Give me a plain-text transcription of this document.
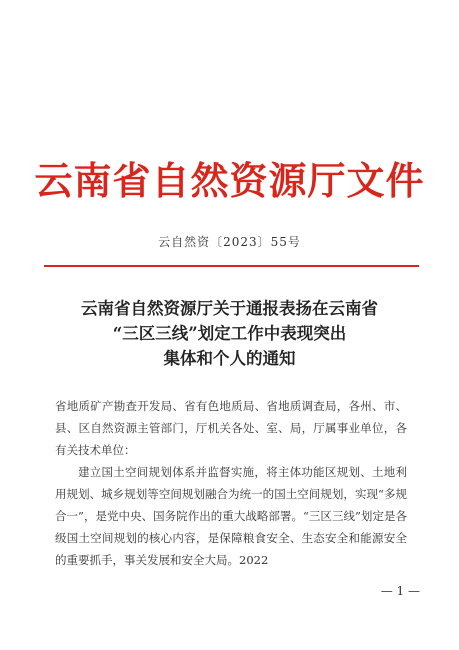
云南省自然资源厅文件
云自然资〔2023〕55号
云南省自然资源厅关于通报表扬在云南省
“三区三线”划定工作中表现突出
集体和个人的通知

省地质矿产勘查开发局、省有色地质局、省地质调查局，各州、市、县、区自然资源主管部门，厅机关各处、室、局，厅属事业单位，各有关技术单位：

建立国土空间规划体系并监督实施，将主体功能区规划、土地利用规划、城乡规划等空间规划融合为统一的国土空间规划，实现“多规合一”，是党中央、国务院作出的重大战略部署。“三区三线”划定是各级国土空间规划的核心内容，是保障粮食安全、生态安全和能源安全的重要抓手，事关发展和安全大局。2022

— 1 —
